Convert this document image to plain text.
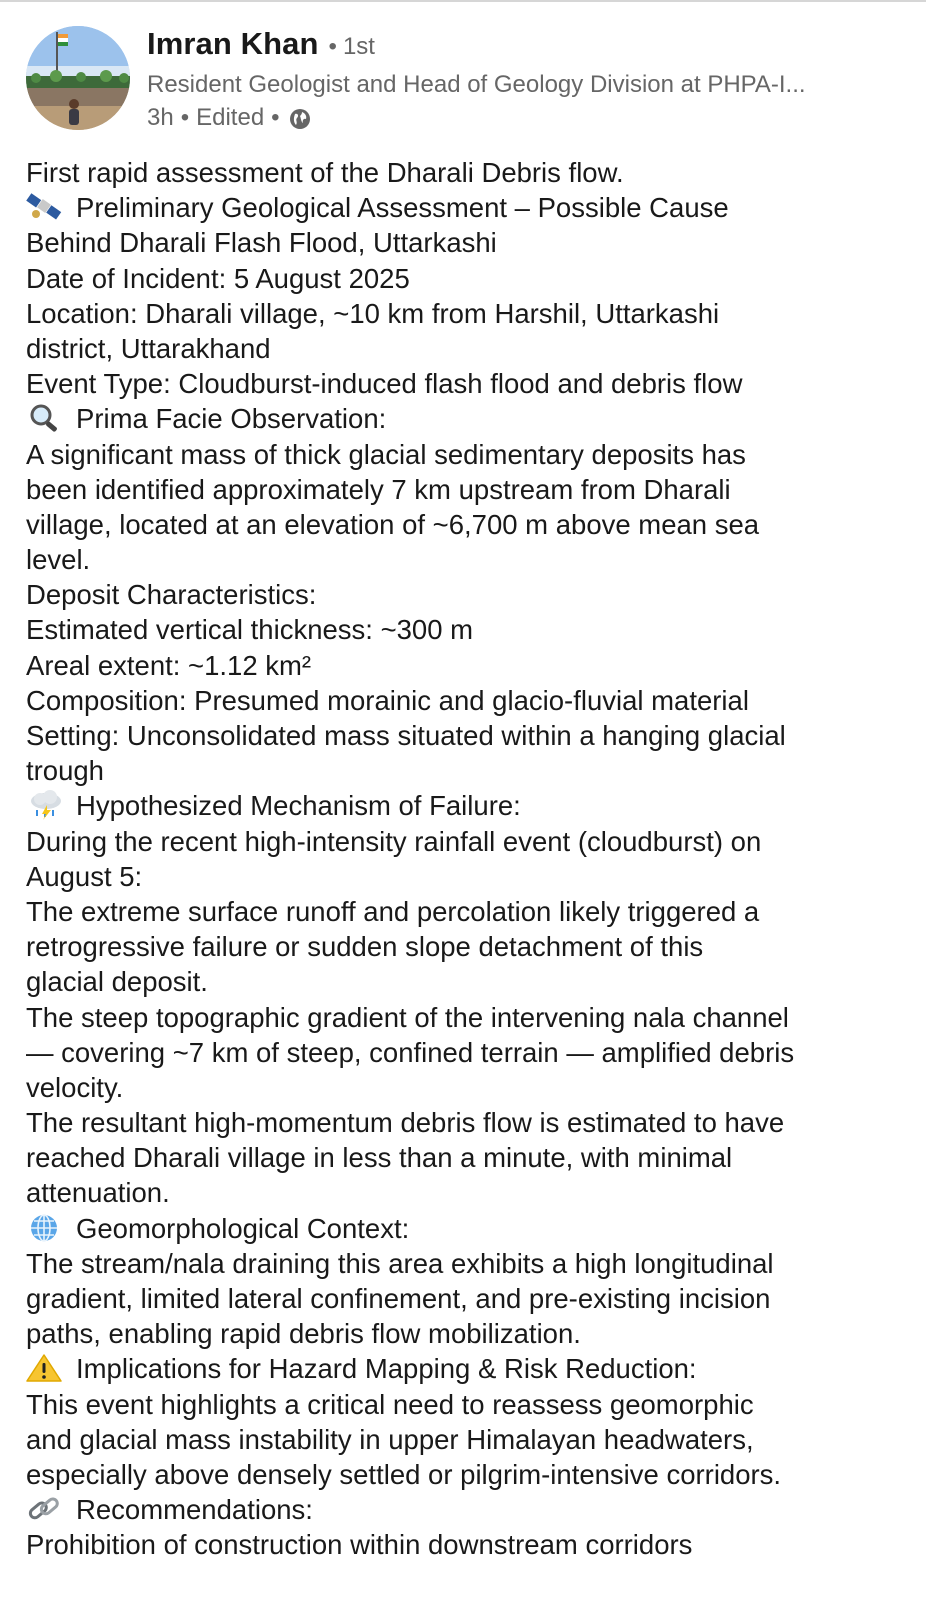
Imran Khan • 1st
Resident Geologist and Head of Geology Division at PHPA-I...
3h • Edited •
First rapid assessment of the Dharali Debris flow.
Preliminary Geological Assessment – Possible Cause
Behind Dharali Flash Flood, Uttarkashi
Date of Incident: 5 August 2025
Location: Dharali village, ~10 km from Harshil, Uttarkashi
district, Uttarakhand
Event Type: Cloudburst-induced flash flood and debris flow
Prima Facie Observation:
A significant mass of thick glacial sedimentary deposits has
been identified approximately 7 km upstream from Dharali
village, located at an elevation of ~6,700 m above mean sea
level.
Deposit Characteristics:
Estimated vertical thickness: ~300 m
Areal extent: ~1.12 km²
Composition: Presumed morainic and glacio-fluvial material
Setting: Unconsolidated mass situated within a hanging glacial
trough
Hypothesized Mechanism of Failure:
During the recent high-intensity rainfall event (cloudburst) on
August 5:
The extreme surface runoff and percolation likely triggered a
retrogressive failure or sudden slope detachment of this
glacial deposit.
The steep topographic gradient of the intervening nala channel
— covering ~7 km of steep, confined terrain — amplified debris
velocity.
The resultant high-momentum debris flow is estimated to have
reached Dharali village in less than a minute, with minimal
attenuation.
Geomorphological Context:
The stream/nala draining this area exhibits a high longitudinal
gradient, limited lateral confinement, and pre-existing incision
paths, enabling rapid debris flow mobilization.
Implications for Hazard Mapping & Risk Reduction:
This event highlights a critical need to reassess geomorphic
and glacial mass instability in upper Himalayan headwaters,
especially above densely settled or pilgrim-intensive corridors.
Recommendations:
Prohibition of construction within downstream corridors
